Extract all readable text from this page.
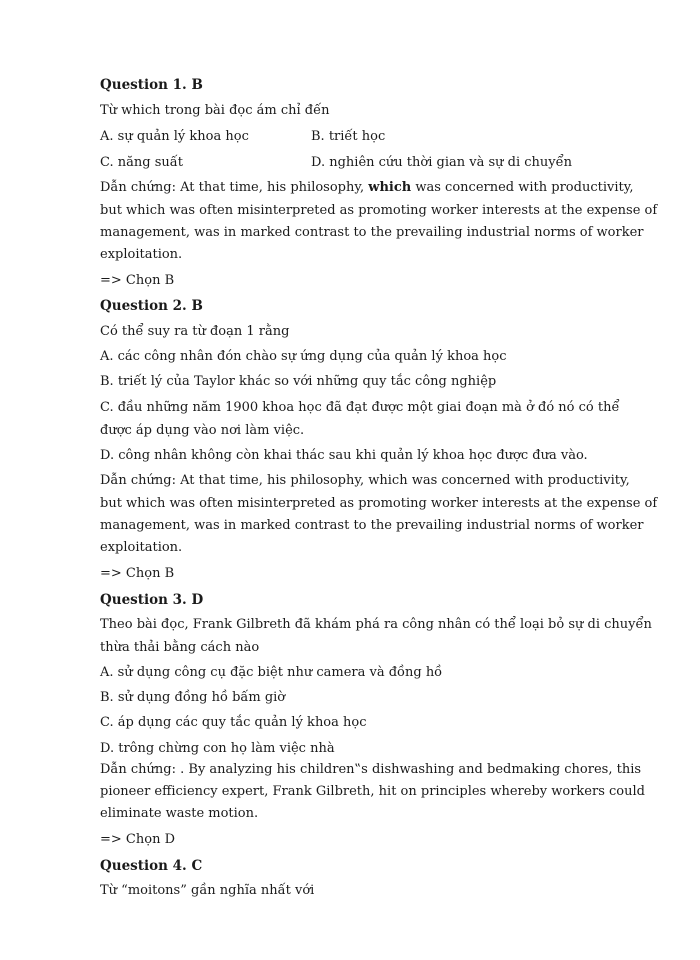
Question 1. B
Từ which trong bài đọc ám chỉ đến
A. sự quản lý khoa học	B. triết học
C. năng suất	D. nghiên cứu thời gian và sự di chuyển
Dẫn chứng: At that time, his philosophy, which was concerned with productivity,
but which was often misinterpreted as promoting worker interests at the expense of
management, was in marked contrast to the prevailing industrial norms of worker
exploitation.
=> Chọn B
Question 2. B
Có thể suy ra từ đoạn 1 rằng
A. các công nhân đón chào sự ứng dụng của quản lý khoa học
B. triết lý của Taylor khác so với những quy tắc công nghiệp
C. đầu những năm 1900 khoa học đã đạt được một giai đoạn mà ở đó nó có thể
được áp dụng vào nơi làm việc.
D. công nhân không còn khai thác sau khi quản lý khoa học được đưa vào.
Dẫn chứng: At that time, his philosophy, which was concerned with productivity,
but which was often misinterpreted as promoting worker interests at the expense of
management, was in marked contrast to the prevailing industrial norms of worker
exploitation.
=> Chọn B
Question 3. D
Theo bài đọc, Frank Gilbreth đã khám phá ra công nhân có thể loại bỏ sự di chuyển
thừa thải bằng cách nào
A. sử dụng công cụ đặc biệt như camera và đồng hồ
B. sử dụng đồng hồ bấm giờ
C. áp dụng các quy tắc quản lý khoa học
D. trông chừng con họ làm việc nhà
Dẫn chứng: . By analyzing his children‟s dishwashing and bedmaking chores, this
pioneer efficiency expert, Frank Gilbreth, hit on principles whereby workers could
eliminate waste motion.
=> Chọn D
Question 4. C
Từ “moitons” gần nghĩa nhất với
